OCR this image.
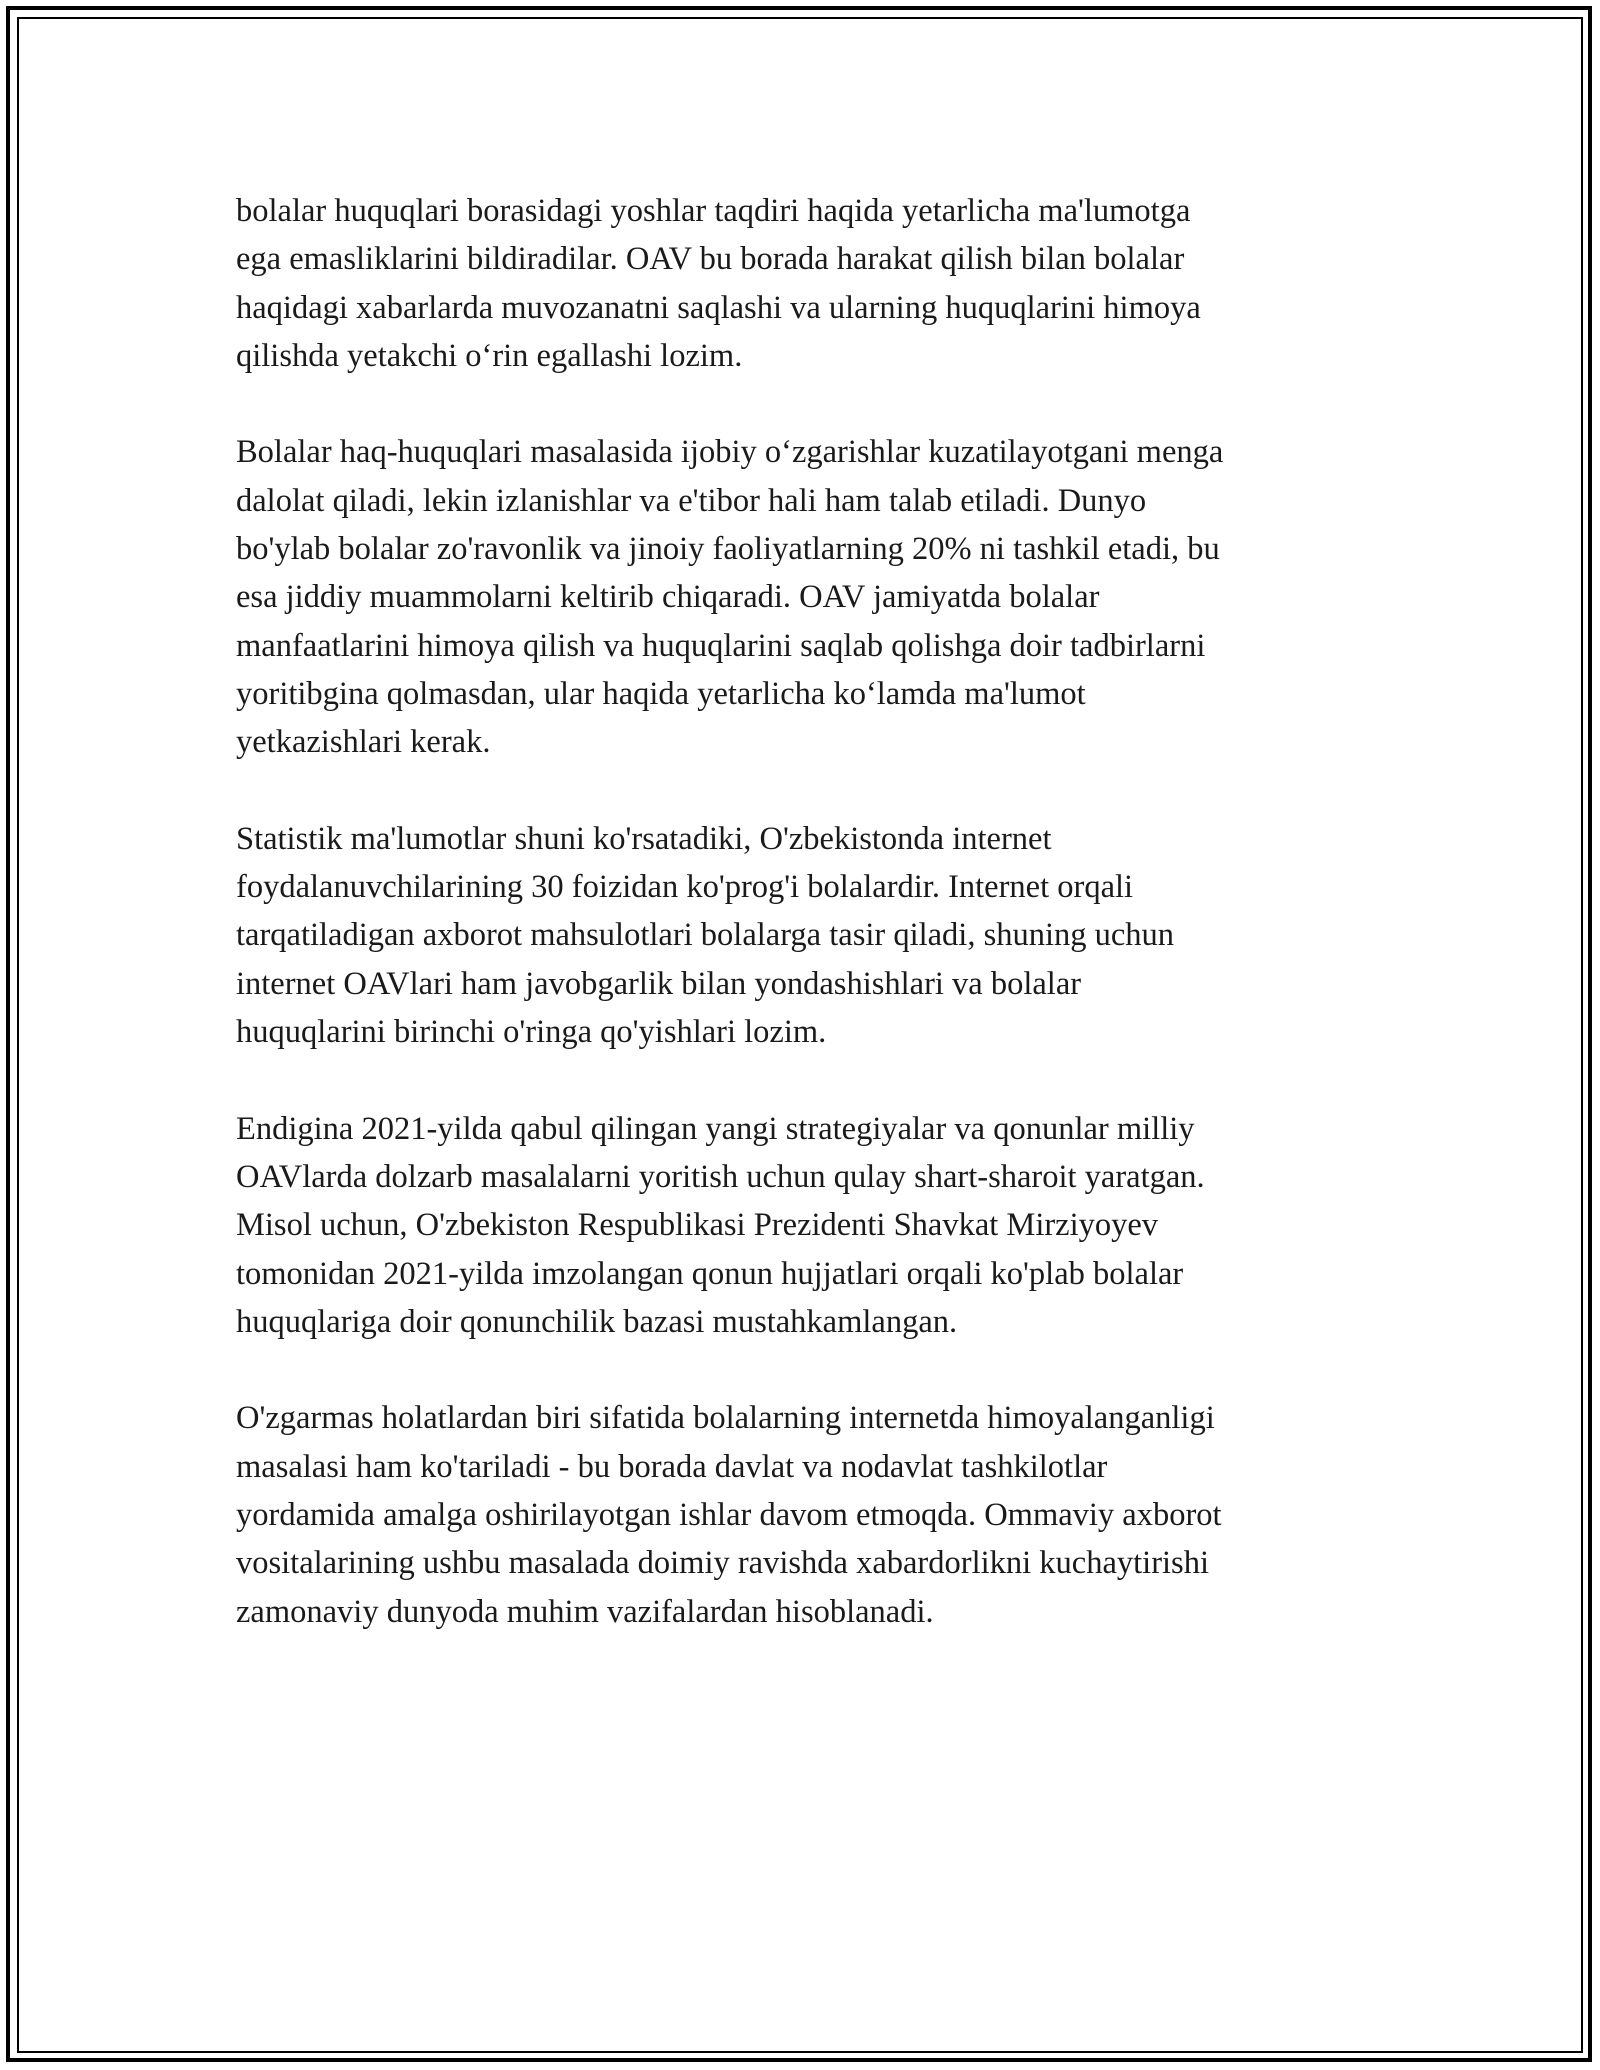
bolalar huquqlari borasidagi yoshlar taqdiri haqida yetarlicha ma'lumotga
ega emasliklarini bildiradilar. OAV bu borada harakat qilish bilan bolalar
haqidagi xabarlarda muvozanatni saqlashi va ularning huquqlarini himoya
qilishda yetakchi oʻrin egallashi lozim.

Bolalar haq-huquqlari masalasida ijobiy oʻzgarishlar kuzatilayotgani menga
dalolat qiladi, lekin izlanishlar va e'tibor hali ham talab etiladi. Dunyo
bo'ylab bolalar zo'ravonlik va jinoiy faoliyatlarning 20% ni tashkil etadi, bu
esa jiddiy muammolarni keltirib chiqaradi. OAV jamiyatda bolalar
manfaatlarini himoya qilish va huquqlarini saqlab qolishga doir tadbirlarni
yoritibgina qolmasdan, ular haqida yetarlicha koʻlamda ma'lumot
yetkazishlari kerak.

Statistik ma'lumotlar shuni ko'rsatadiki, O'zbekistonda internet
foydalanuvchilarining 30 foizidan ko'prog'i bolalardir. Internet orqali
tarqatiladigan axborot mahsulotlari bolalarga tasir qiladi, shuning uchun
internet OAVlari ham javobgarlik bilan yondashishlari va bolalar
huquqlarini birinchi o'ringa qo'yishlari lozim.

Endigina 2021-yilda qabul qilingan yangi strategiyalar va qonunlar milliy
OAVlarda dolzarb masalalarni yoritish uchun qulay shart-sharoit yaratgan.
Misol uchun, O'zbekiston Respublikasi Prezidenti Shavkat Mirziyoyev
tomonidan 2021-yilda imzolangan qonun hujjatlari orqali ko'plab bolalar
huquqlariga doir qonunchilik bazasi mustahkamlangan.

O'zgarmas holatlardan biri sifatida bolalarning internetda himoyalanganligi
masalasi ham ko'tariladi - bu borada davlat va nodavlat tashkilotlar
yordamida amalga oshirilayotgan ishlar davom etmoqda. Ommaviy axborot
vositalarining ushbu masalada doimiy ravishda xabardorlikni kuchaytirishi
zamonaviy dunyoda muhim vazifalardan hisoblanadi.
